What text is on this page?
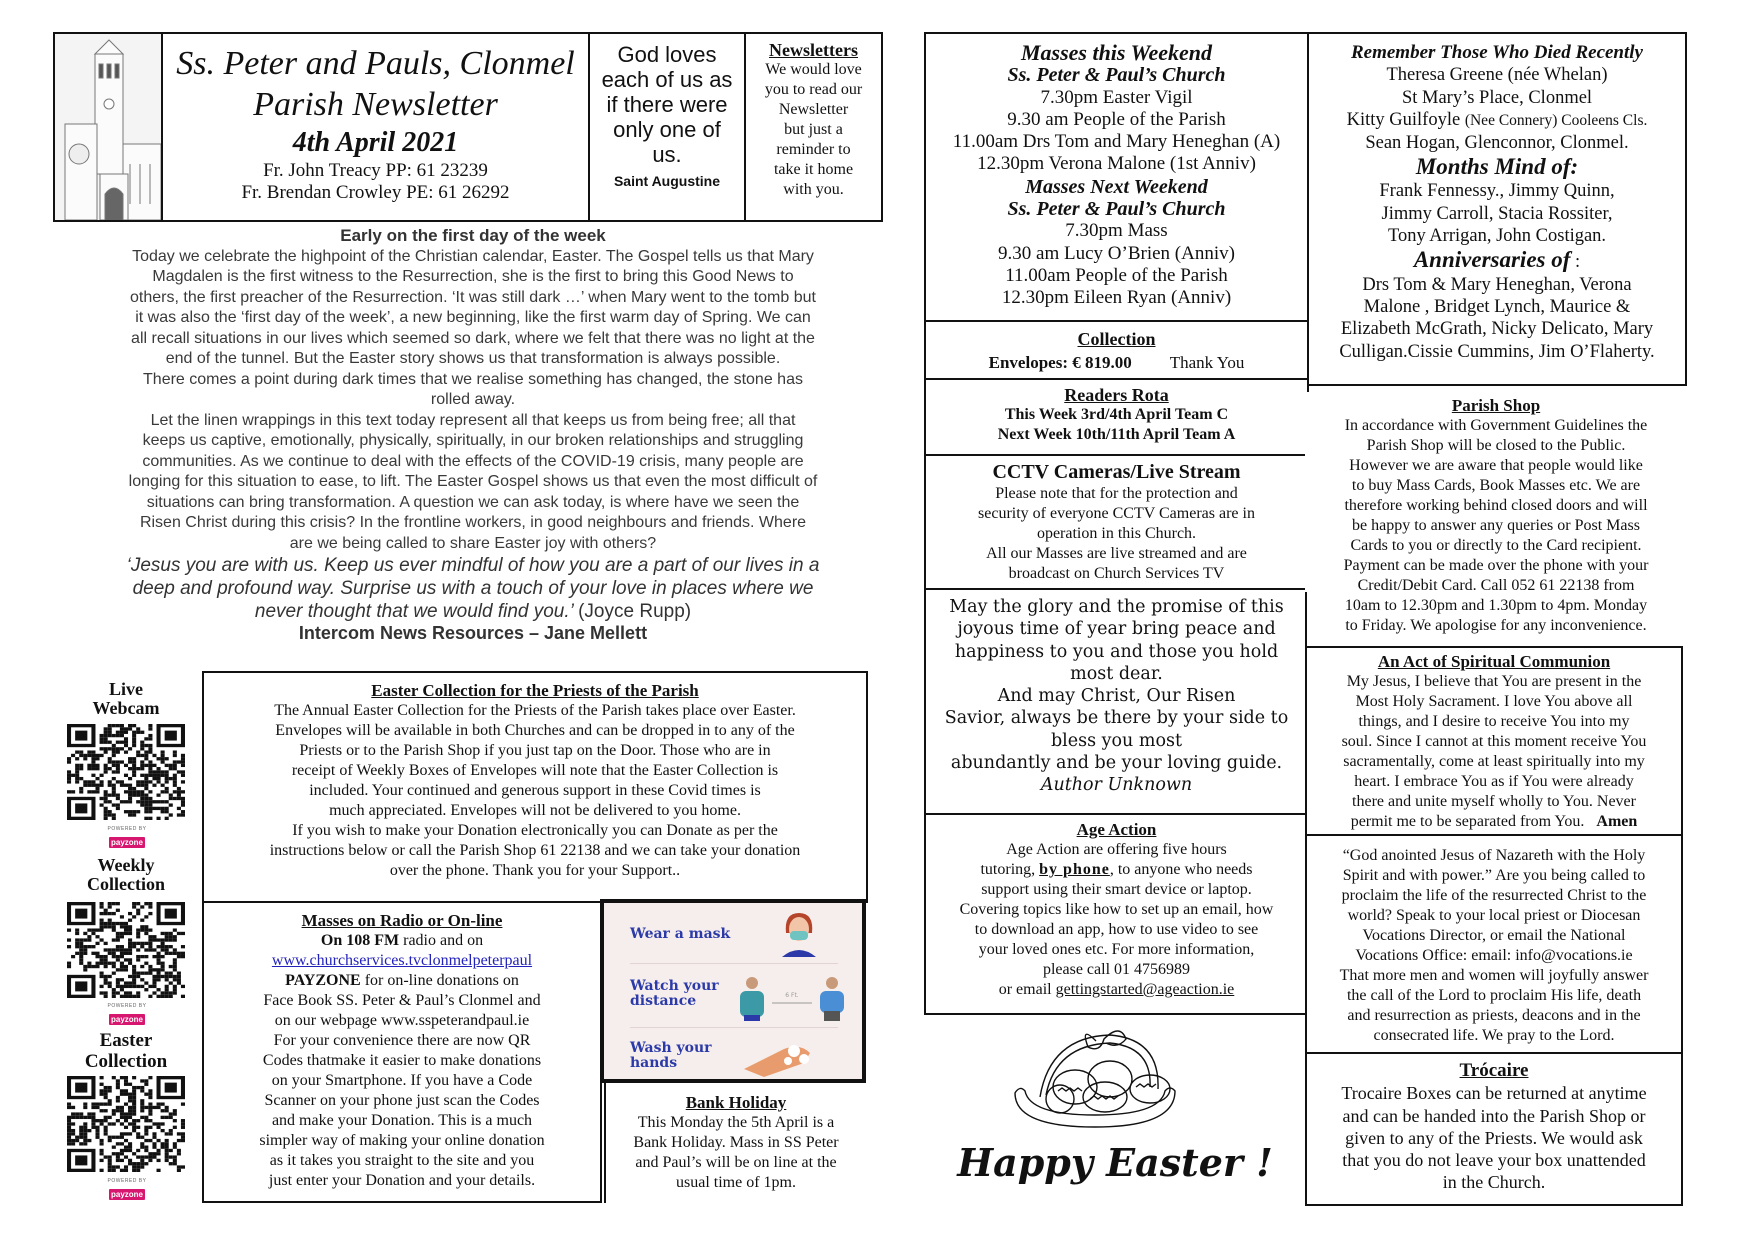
Ss. Peter and Pauls, Clonmel
Parish Newsletter
4th April 2021
Fr. John Treacy PP: 61 23239
Fr. Brendan Crowley PE: 61 26292
God loves
each of us as
if there were
only one of
us.
Saint Augustine
Newsletters
We would love
you to read our
Newsletter
but just a
reminder to
take it home
with you.
Early on the first day of the week
Today we celebrate the highpoint of the Christian calendar, Easter. The Gospel tells us that Mary
Magdalen is the first witness to the Resurrection, she is the first to bring this Good News to
others, the first preacher of the Resurrection. ‘It was still dark …’ when Mary went to the tomb but
it was also the ‘first day of the week’, a new beginning, like the first warm day of Spring. We can
all recall situations in our lives which seemed so dark, where we felt that there was no light at the
end of the tunnel. But the Easter story shows us that transformation is always possible.
There comes a point during dark times that we realise something has changed, the stone has
rolled away.
Let the linen wrappings in this text today represent all that keeps us from being free; all that
keeps us captive, emotionally, physically, spiritually, in our broken relationships and struggling
communities. As we continue to deal with the effects of the COVID-19 crisis, many people are
longing for this situation to ease, to lift. The Easter Gospel shows us that even the most difficult of
situations can bring transformation. A question we can ask today, is where have we seen the
Risen Christ during this crisis? In the frontline workers, in good neighbours and friends. Where
are we being called to share Easter joy with others?
‘Jesus you are with us. Keep us ever mindful of how you are a part of our lives in a
deep and profound way. Surprise us with a touch of your love in places where we
never thought that we would find you.’ (Joyce Rupp)
Intercom News Resources – Jane Mellett
Live
Webcam
POWERED BY
payzone
Weekly
Collection
POWERED BY
payzone
Easter
Collection
POWERED BY
payzone
Easter Collection for the Priests of the Parish
The Annual Easter Collection for the Priests of the Parish takes place over Easter.
Envelopes will be available in both Churches and can be dropped in to any of the
Priests or to the Parish Shop if you just tap on the Door. Those who are in
receipt of Weekly Boxes of Envelopes will note that the Easter Collection is
included. Your continued and generous support in these Covid times is
much appreciated. Envelopes will not be delivered to you home.
If you wish to make your Donation electronically you can Donate as per the
instructions below or call the Parish Shop 61 22138 and we can take your donation
over the phone. Thank you for your Support..
Masses on Radio or On-line
On 108 FM radio and on
www.churchservices.tvclonmelpeterpaul
PAYZONE for on-line donations on
Face Book SS. Peter & Paul’s Clonmel and
on our webpage www.sspeterandpaul.ie
For your convenience there are now QR
Codes thatmake it easier to make donations
on your Smartphone. If you have a Code
Scanner on your phone just scan the Codes
and make your Donation. This is a much
simpler way of making your online donation
as it takes you straight to the site and you
just enter your Donation and your details.
Wear a mask
Watch your
distance	6 Ft.
Wash your
hands
Bank Holiday
This Monday the 5th April is a
Bank Holiday. Mass in SS Peter
and Paul’s will be on line at the
usual time of 1pm.
Masses this Weekend
Ss. Peter & Paul’s Church
7.30pm Easter Vigil
9.30 am People of the Parish
11.00am Drs Tom and Mary Heneghan (A)
12.30pm Verona Malone (1st Anniv)
Masses Next Weekend
Ss. Peter & Paul’s Church
7.30pm Mass
9.30 am Lucy O’Brien (Anniv)
11.00am People of the Parish
12.30pm Eileen Ryan (Anniv)
Collection
Envelopes: € 819.00 Thank You
Readers Rota
This Week 3rd/4th April Team C
Next Week 10th/11th April Team A
CCTV Cameras/Live Stream
Please note that for the protection and
security of everyone CCTV Cameras are in
operation in this Church.
All our Masses are live streamed and are
broadcast on Church Services TV
May the glory and the promise of this
joyous time of year bring peace and
happiness to you and those you hold
most dear.
And may Christ, Our Risen
Savior, always be there by your side to
bless you most
abundantly and be your loving guide.
Author Unknown
Age Action
Age Action are offering five hours
tutoring, by phone, to anyone who needs
support using their smart device or laptop.
Covering topics like how to set up an email, how
to download an app, how to use video to see
your loved ones etc. For more information,
please call 01 4756989
or email gettingstarted@ageaction.ie
Happy Easter !
Remember Those Who Died Recently
Theresa Greene (née Whelan)
St Mary’s Place, Clonmel
Kitty Guilfoyle (Nee Connery) Cooleens Cls.
Sean Hogan, Glenconnor, Clonmel.
Months Mind of:
Frank Fennessy., Jimmy Quinn,
Jimmy Carroll, Stacia Rossiter,
Tony Arrigan, John Costigan.
Anniversaries of :
Drs Tom & Mary Heneghan, Verona
Malone , Bridget Lynch, Maurice &
Elizabeth McGrath, Nicky Delicato, Mary
Culligan.Cissie Cummins, Jim O’Flaherty.
Parish Shop
In accordance with Government Guidelines the
Parish Shop will be closed to the Public.
However we are aware that people would like
to buy Mass Cards, Book Masses etc. We are
therefore working behind closed doors and will
be happy to answer any queries or Post Mass
Cards to you or directly to the Card recipient.
Payment can be made over the phone with your
Credit/Debit Card. Call 052 61 22138 from
10am to 12.30pm and 1.30pm to 4pm. Monday
to Friday. We apologise for any inconvenience.
An Act of Spiritual Communion
My Jesus, I believe that You are present in the
Most Holy Sacrament. I love You above all
things, and I desire to receive You into my
soul. Since I cannot at this moment receive You
sacramentally, come at least spiritually into my
heart. I embrace You as if You were already
there and unite myself wholly to You. Never
permit me to be separated from You.   Amen
“God anointed Jesus of Nazareth with the Holy
Spirit and with power.” Are you being called to
proclaim the life of the resurrected Christ to the
world? Speak to your local priest or Diocesan
Vocations Director, or email the National
Vocations Office: email: info@vocations.ie
That more men and women will joyfully answer
the call of the Lord to proclaim His life, death
and resurrection as priests, deacons and in the
consecrated life. We pray to the Lord.
Trócaire
Trocaire Boxes can be returned at anytime
and can be handed into the Parish Shop or
given to any of the Priests. We would ask
that you do not leave your box unattended
in the Church.
